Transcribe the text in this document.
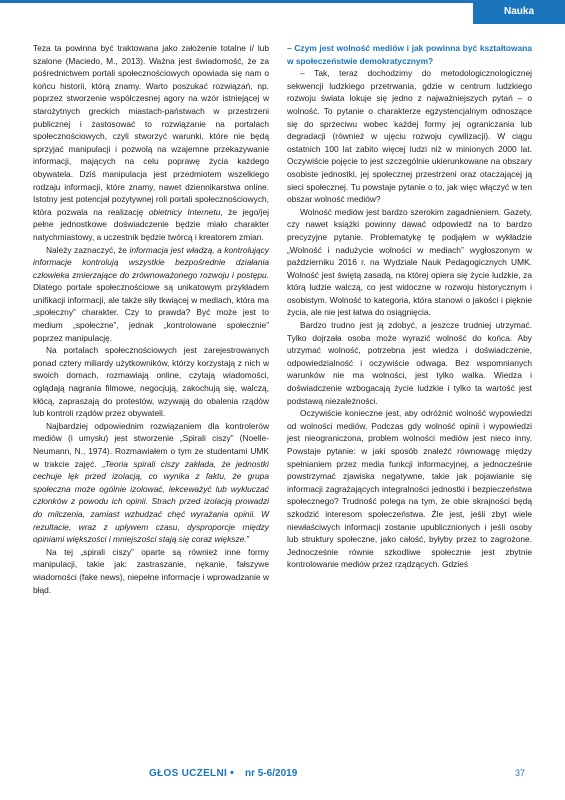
Nauka

Teza ta powinna być traktowana jako założenie totalne i/ lub szalone (Maciedo, M., 2013). Ważna jest świadomość, że za pośrednictwem portali społecznościowych opowiada się nam o końcu historii, którą znamy. Warto poszukać rozwiązań, np. poprzez stworzenie współczesnej agory na wzór istniejącej w starożytnych greckich miastach-państwach w przestrzeni publicznej i zastosować to rozwiązanie na portalach społecznościowych, czyli stworzyć warunki, które nie będą sprzyjać manipulacji i pozwolą na wzajemne przekazywanie informacji, mających na celu poprawę życia każdego obywatela. Dziś manipulacja jest przedmiotem wszelkiego rodzaju informacji, które znamy, nawet dziennikarstwa online. Istotny jest potencjał pozytywnej roli portali społecznościowych, która pozwala na realizację obietnicy Internetu, że jego/jej pełne jednostkowe doświadczenie będzie miało charakter natychmiastowy, a uczestnik będzie twórcą i kreatorem zmian.

Należy zaznaczyć, że informacja jest władzą, a kontrolujący informacje kontrolują wszystkie bezpośrednie działania człowieka zmierzające do zrównoważonego rozwoju i postępu. Dlatego portale społecznościowe są unikatowym przykładem unifikacji informacji, ale także siły tkwiącej w mediach, która ma „społeczny” charakter. Czy to prawda? Być może jest to medium „społeczne”, jednak „kontrolowane społecznie” poprzez manipulację.

Na portalach społecznościowych jest zarejestrowanych ponad cztery miliardy użytkowników, którzy korzystają z nich w swoich domach, rozmawiają online, czytają wiadomości, oglądają nagrania filmowe, negocjują, zakochują się, walczą, kłócą, zapraszają do protestów, wzywają do obalenia rządów lub kontroli rządów przez obywateli.

Najbardziej odpowiednim rozwiązaniem dla kontrolerów mediów (i umysłu) jest stworzenie „Spirali ciszy” (Noelle-Neumann, N., 1974). Rozmawiałem o tym ze studentami UMK w trakcie zajęć. „Teoria spirali ciszy zakłada, że jednostki cechuje lęk przed izolacją, co wynika z faktu, że grupa społeczna może ogólnie izolować, lekceważyć lub wykluczać członków z powodu ich opinii. Strach przed izolacją prowadzi do milczenia, zamiast wzbudzać chęć wyrażania opinii. W rezultacie, wraz z upływem czasu, dysproporcje między opiniami większości i mniejszości stają się coraz większe.”

Na tej „spirali ciszy” oparte są również inne formy manipulacji, takie jak: zastraszanie, nękanie, fałszywe wiadomości (fake news), niepełne informacje i wprowadzanie w błąd.

– Czym jest wolność mediów i jak powinna być kształtowana w społeczeństwie demokratycznym?

– Tak, teraz dochodzimy do metodologicznologicznej sekwencji ludzkiego przetrwania, gdzie w centrum ludzkiego rozwoju świata lokuje się jedno z najważniejszych pytań – o wolność. To pytanie o charakterze egzystencjalnym odnoszące się do sprzeciwu wobec każdej formy jej ograniczania lub degradacji (również w ujęciu rozwoju cywilizacji). W ciągu ostatnich 100 lat zabito więcej ludzi niż w minionych 2000 lat. Oczywiście pojęcie to jest szczególnie ukierunkowane na obszary osobiste jednostki, jej społecznej przestrzeni oraz otaczającej ją sieci społecznej. Tu powstaje pytanie o to, jak więc włączyć w ten obszar wolność mediów?

Wolność mediów jest bardzo szerokim zagadnieniem. Gazety, czy nawet książki powinny dawać odpowiedź na to bardzo precyzyjne pytanie. Problematykę tę podjąłem w wykładzie „Wolność i nadużycie wolności w mediach” wygłoszonym w październiku 2016 r. na Wydziale Nauk Pedagogicznych UMK. Wolność jest świętą zasadą, na której opiera się życie ludzkie, za którą ludzie walczą, co jest widoczne w rozwoju historycznym i osobistym. Wolność to kategoria, która stanowi o jakości i pięknie życia, ale nie jest łatwa do osiągnięcia.

Bardzo trudno jest ją zdobyć, a jeszcze trudniej utrzymać. Tylko dojrzała osoba może wyrazić wolność do końca. Aby utrzymać wolność, potrzebna jest wiedza i doświadczenie, odpowiedzialność i oczywiście odwaga. Bez wspomnianych warunków nie ma wolności, jest tylko walka. Wiedza i doświadczenie wzbogacają życie ludzkie i tylko ta wartość jest podstawą niezależności.

Oczywiście konieczne jest, aby odróżnić wolność wypowiedzi od wolności mediów. Podczas gdy wolność opinii i wypowiedzi jest nieograniczona, problem wolności mediów jest nieco inny. Powstaje pytanie: w jaki sposób znaleźć równowagę między spełnianiem przez media funkcji informacyjnej, a jednocześnie powstrzymać zjawiska negatywne, takie jak pojawianie się informacji zagrażających integralności jednostki i bezpieczeństwa społecznego? Trudność polega na tym, że obie skrajności będą szkodzić interesom społeczeństwa. Źle jest, jeśli zbyt wiele niewłaściwych informacji zostanie upublicznionych i jeśli osoby lub struktury społeczne, jako całość, byłyby przez to zagrożone. Jednocześnie równie szkodliwe społecznie jest zbytnie kontrolowanie mediów przez rządzących. Gdzieś

GŁOS UCZELNI • nr 5-6/2019	37
